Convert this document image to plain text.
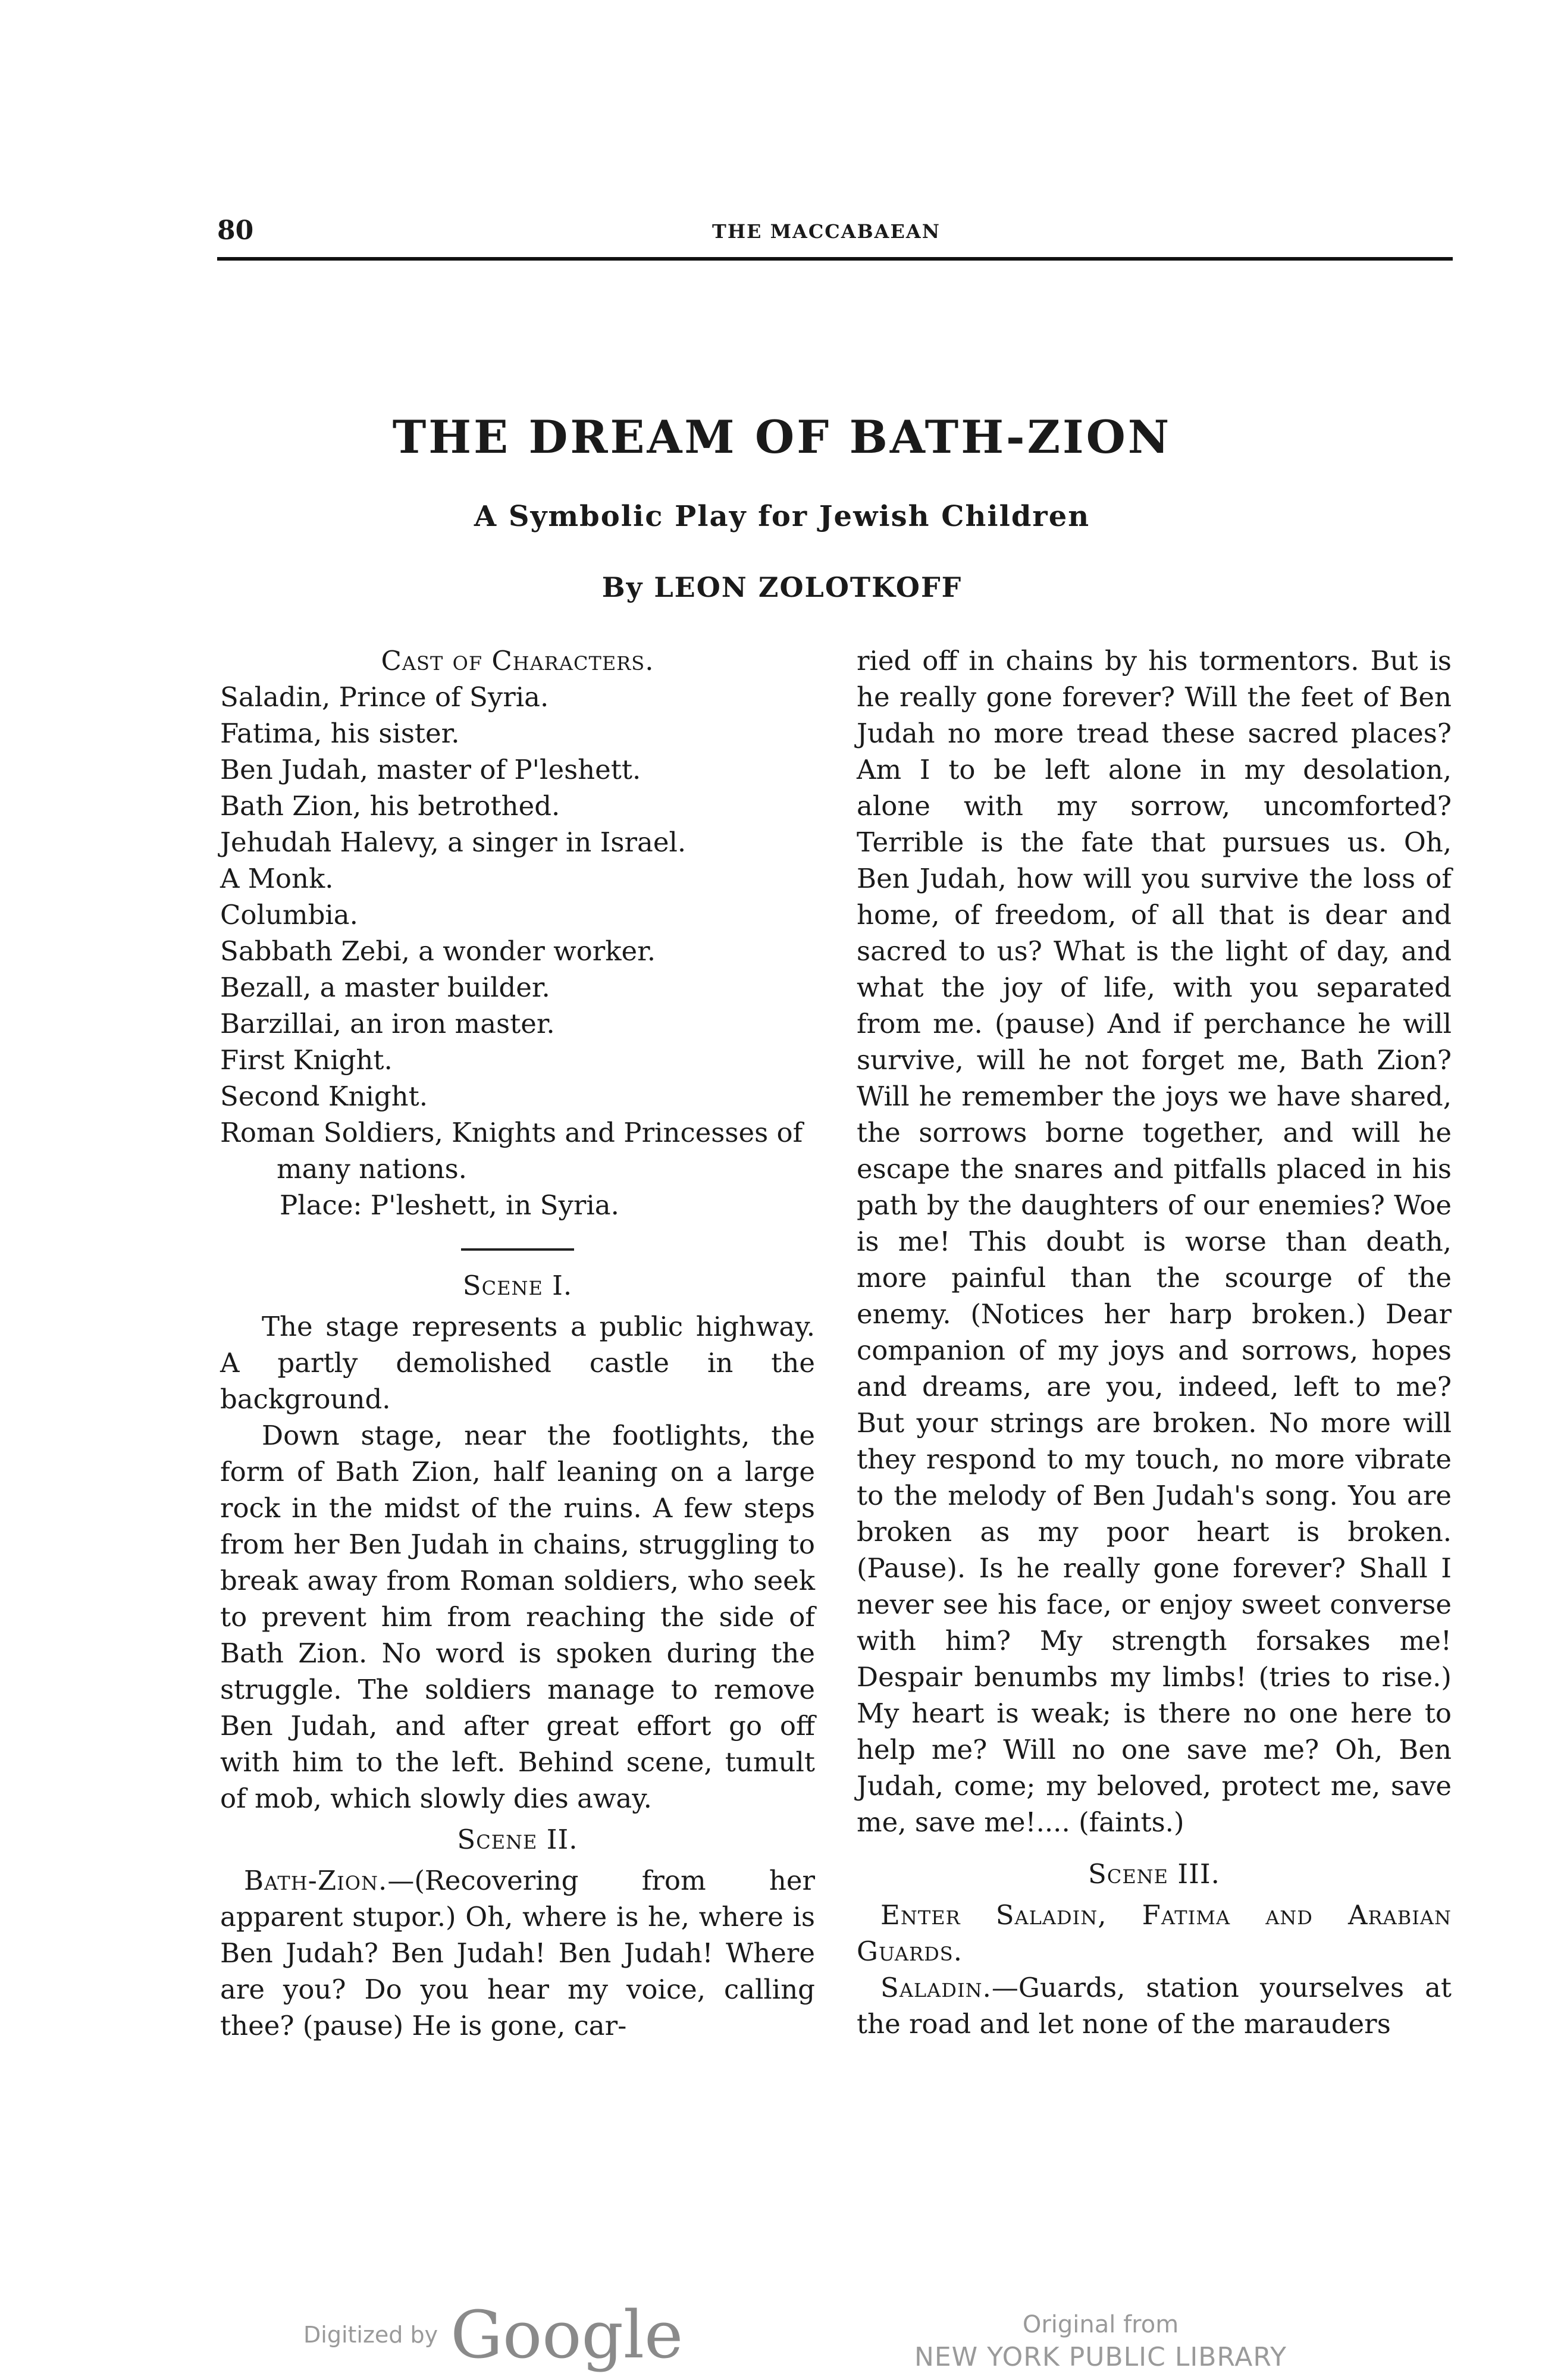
80	THE MACCABAEAN
THE DREAM OF BATH-ZION
A Symbolic Play for Jewish Children
By LEON ZOLOTKOFF
Cast of Characters.
Saladin, Prince of Syria.
Fatima, his sister.
Ben Judah, master of P'leshett.
Bath Zion, his betrothed.
Jehudah Halevy, a singer in Israel.
A Monk.
Columbia.
Sabbath Zebi, a wonder worker.
Bezall, a master builder.
Barzillai, an iron master.
First Knight.
Second Knight.
Roman Soldiers, Knights and Princesses of many nations.

Place: P'leshett, in Syria.

Scene I.

The stage represents a public highway. A partly demolished castle in the background.

Down stage, near the footlights, the form of Bath Zion, half leaning on a large rock in the midst of the ruins. A few steps from her Ben Judah in chains, struggling to break away from Roman soldiers, who seek to prevent him from reaching the side of Bath Zion. No word is spoken during the struggle. The soldiers manage to remove Ben Judah, and after great effort go off with him to the left. Behind scene, tumult of mob, which slowly dies away.

Scene II.

Bath-Zion.—(Recovering from her apparent stupor.) Oh, where is he, where is Ben Judah? Ben Judah! Ben Judah! Where are you? Do you hear my voice, calling thee? (pause) He is gone, car-

ried off in chains by his tormentors. But is he really gone forever? Will the feet of Ben Judah no more tread these sacred places? Am I to be left alone in my desolation, alone with my sorrow, uncomforted? Terrible is the fate that pursues us. Oh, Ben Judah, how will you survive the loss of home, of freedom, of all that is dear and sacred to us? What is the light of day, and what the joy of life, with you separated from me. (pause) And if perchance he will survive, will he not forget me, Bath Zion? Will he remember the joys we have shared, the sorrows borne together, and will he escape the snares and pitfalls placed in his path by the daughters of our enemies? Woe is me! This doubt is worse than death, more painful than the scourge of the enemy. (Notices her harp broken.) Dear companion of my joys and sorrows, hopes and dreams, are you, indeed, left to me? But your strings are broken. No more will they respond to my touch, no more vibrate to the melody of Ben Judah's song. You are broken as my poor heart is broken. (Pause). Is he really gone forever? Shall I never see his face, or enjoy sweet converse with him? My strength forsakes me! Despair benumbs my limbs! (tries to rise.) My heart is weak; is there no one here to help me? Will no one save me? Oh, Ben Judah, come; my beloved, protect me, save me, save me!.... (faints.)

Scene III.

Enter Saladin, Fatima and Arabian Guards.

Saladin.—Guards, station yourselves at the road and let none of the marauders

Digitized by Google	Original from
NEW YORK PUBLIC LIBRARY
